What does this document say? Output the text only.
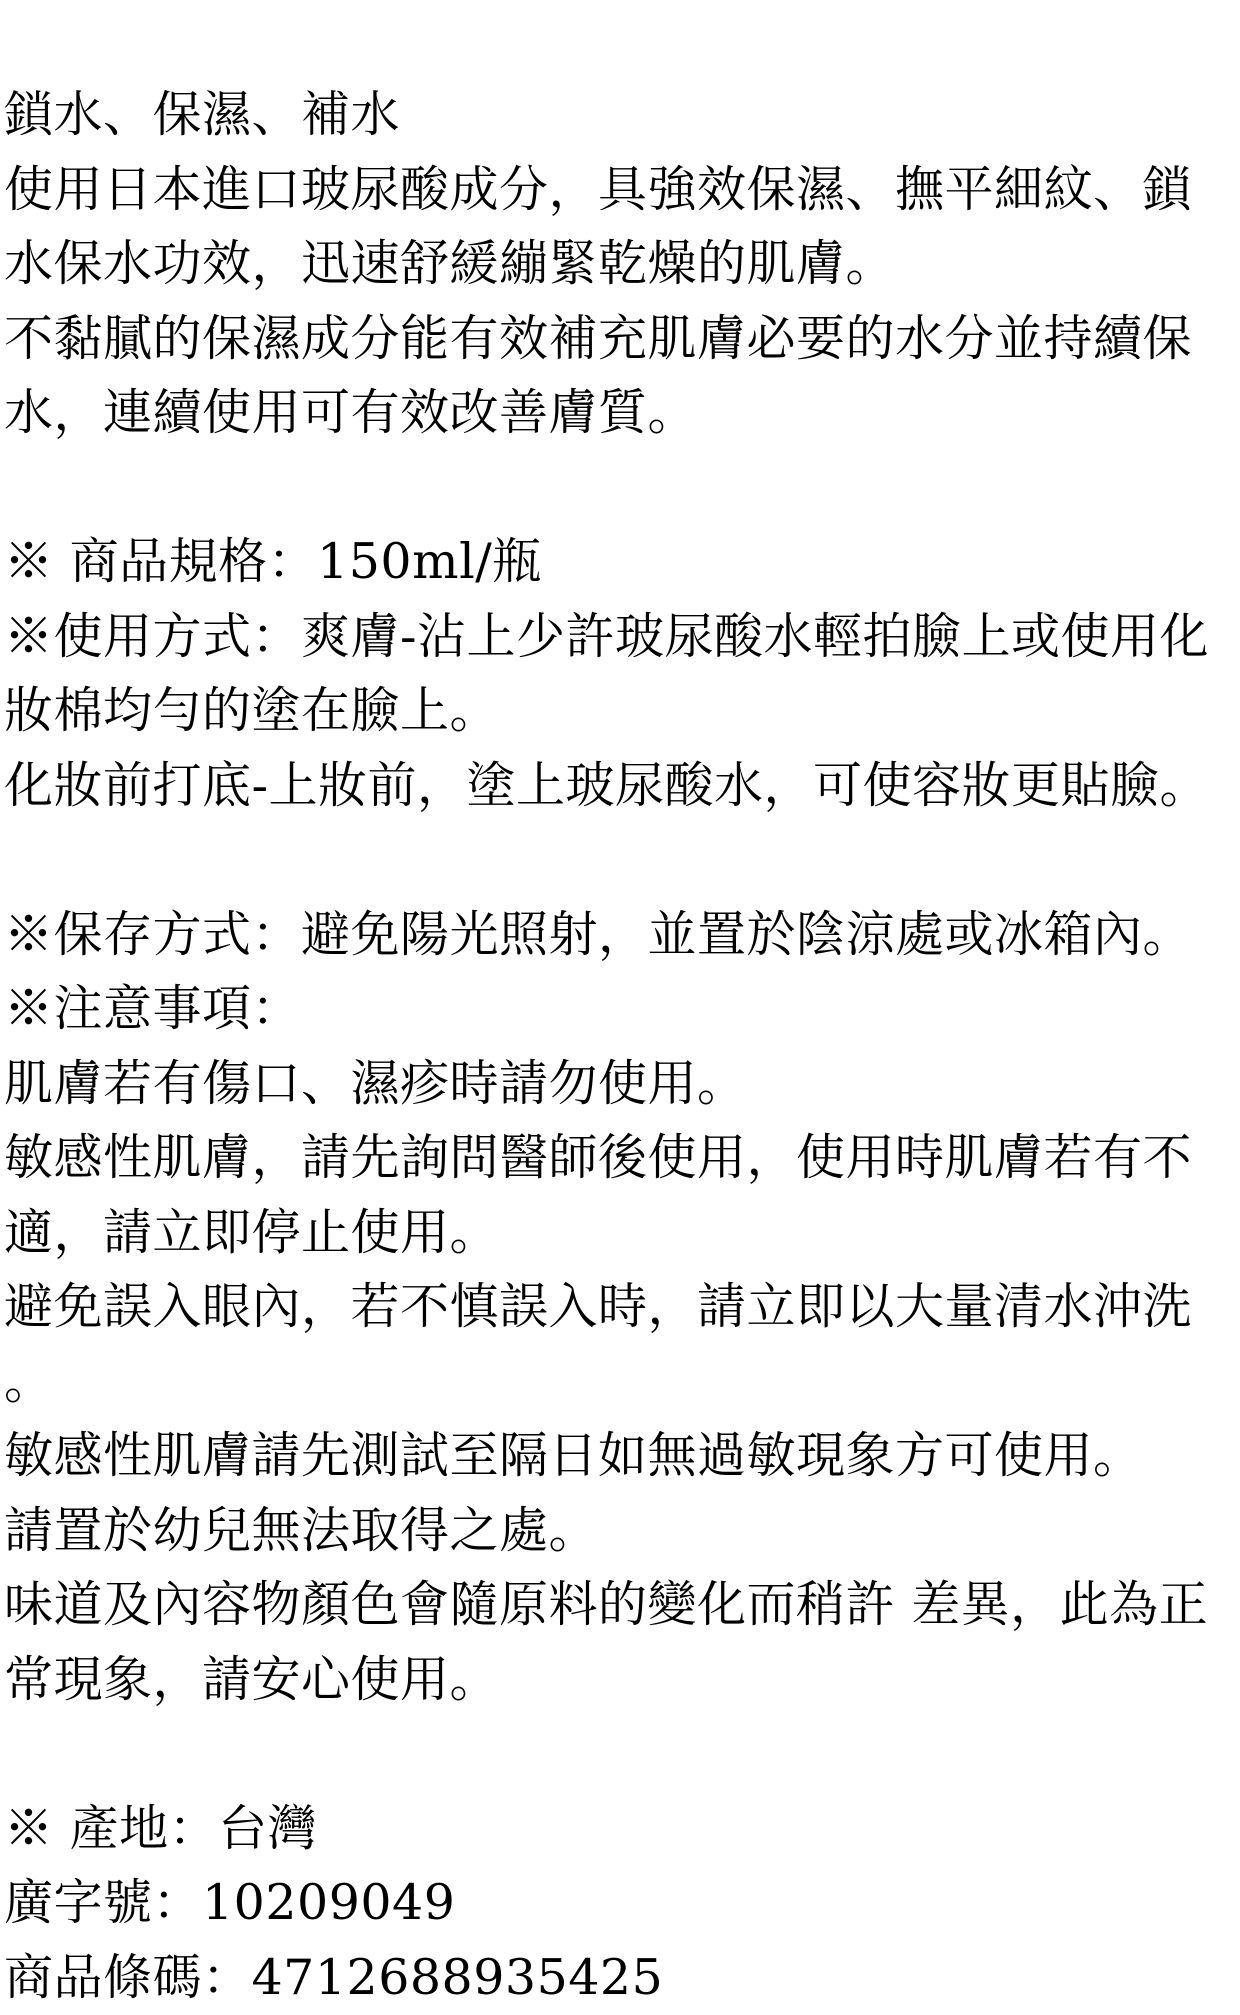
鎖水、保濕、補水
使用日本進口玻尿酸成分，具強效保濕、撫平細紋、鎖
水保水功效，迅速舒緩繃緊乾燥的肌膚。
不黏膩的保濕成分能有效補充肌膚必要的水分並持續保
水，連續使用可有效改善膚質。
※ 商品規格：150ml/瓶
※使用方式：爽膚-沾上少許玻尿酸水輕拍臉上或使用化
妝棉均勻的塗在臉上。
化妝前打底-上妝前，塗上玻尿酸水，可使容妝更貼臉。
※保存方式：避免陽光照射，並置於陰涼處或冰箱內。
※注意事項：
肌膚若有傷口、濕疹時請勿使用。
敏感性肌膚，請先詢問醫師後使用，使用時肌膚若有不
適，請立即停止使用。
避免誤入眼內，若不慎誤入時，請立即以大量清水沖洗
。
敏感性肌膚請先測試至隔日如無過敏現象方可使用。
請置於幼兒無法取得之處。
味道及內容物顏色會隨原料的變化而稍許 差異，此為正
常現象，請安心使用。
※ 產地：台灣
廣字號：10209049
商品條碼：4712688935425
